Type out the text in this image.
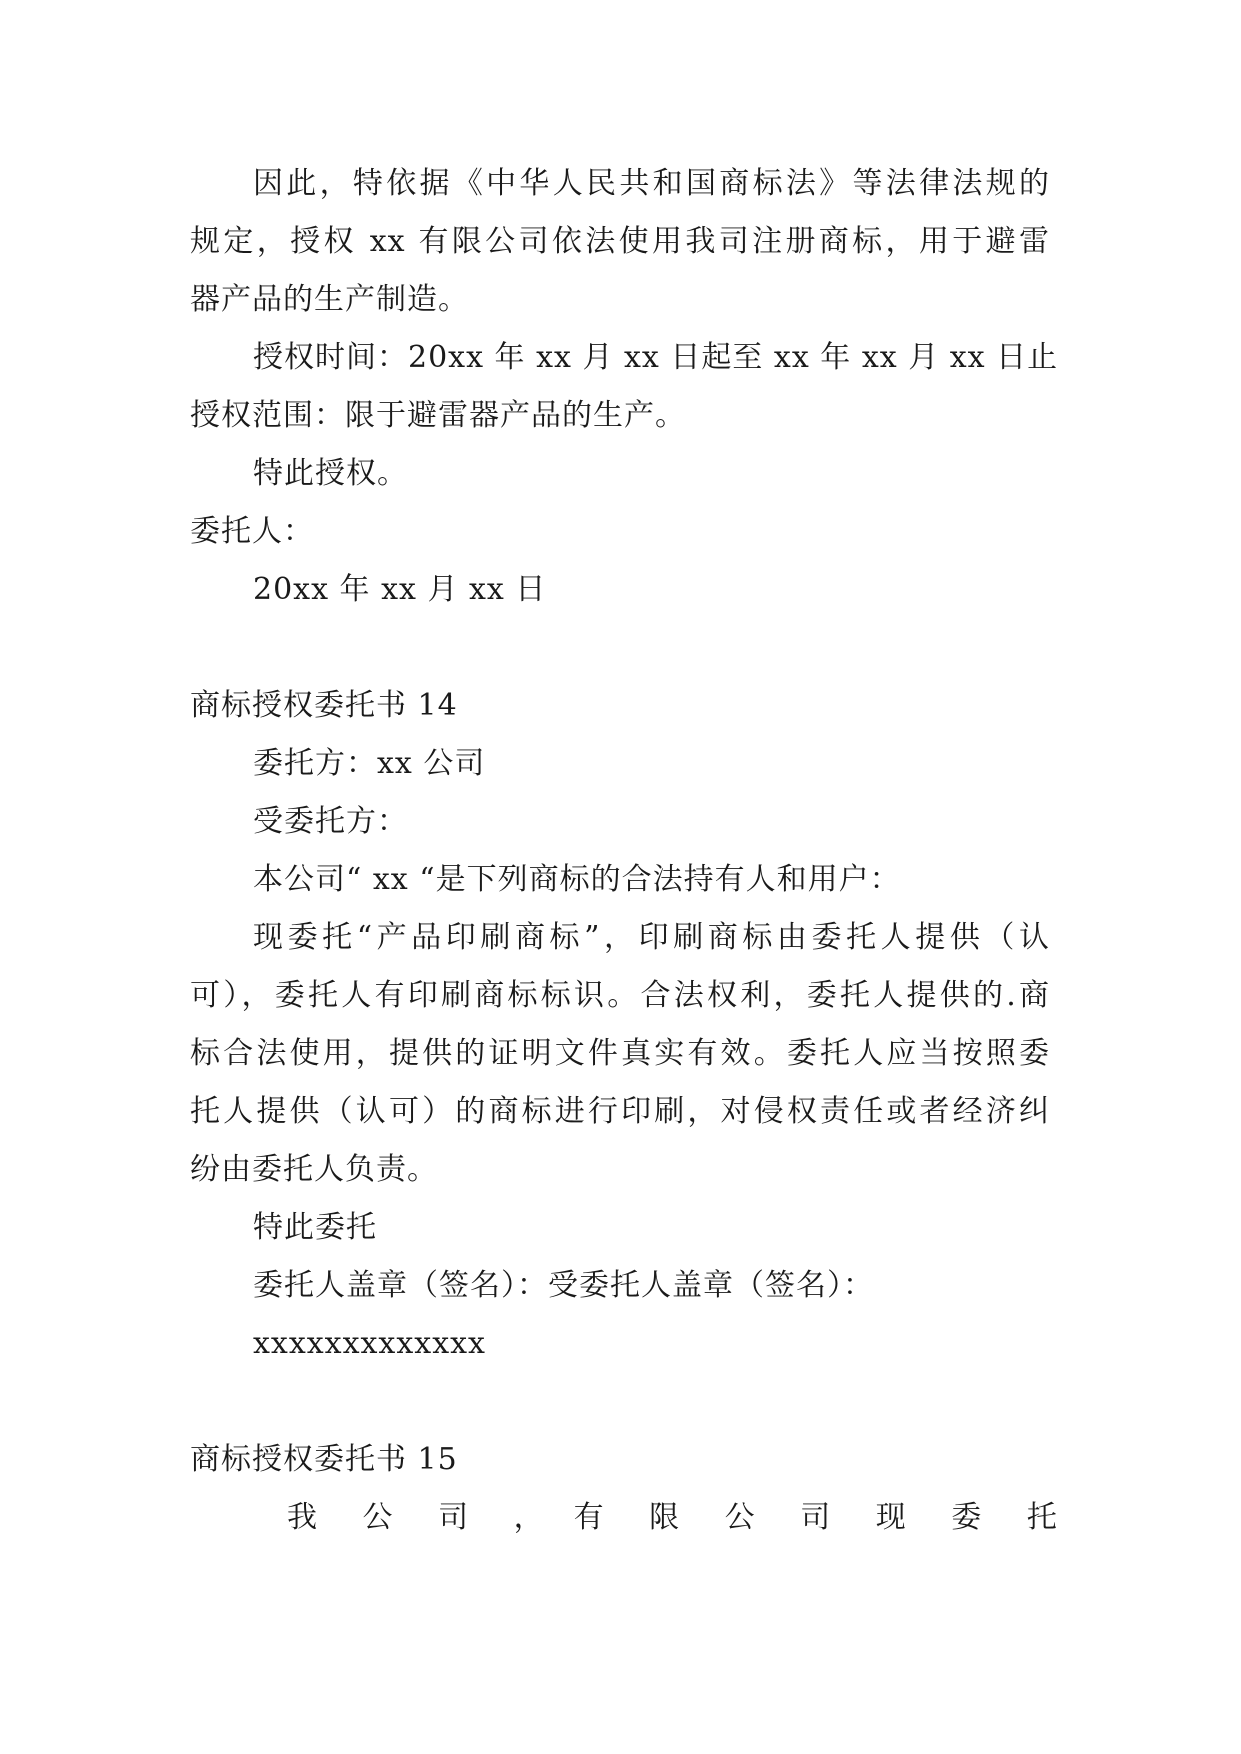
因此，特依据《中华人民共和国商标法》等法律法规的
规定，授权 xx 有限公司依法使用我司注册商标，用于避雷
器产品的生产制造。
授权时间：20xx 年 xx 月 xx 日起至 xx 年 xx 月 xx 日止
授权范围：限于避雷器产品的生产。
特此授权。
委托人：
20xx 年 xx 月 xx 日
商标授权委托书 14
委托方：xx 公司
受委托方：
本公司“ xx “是下列商标的合法持有人和用户：
现委托“产品印刷商标”，印刷商标由委托人提供（认
可），委托人有印刷商标标识。合法权利，委托人提供的.商
标合法使用，提供的证明文件真实有效。委托人应当按照委
托人提供（认可）的商标进行印刷，对侵权责任或者经济纠
纷由委托人负责。
特此委托
委托人盖章（签名）：受委托人盖章（签名）：
xxxxxxxxxxxxx
商标授权委托书 15
我 公 司 ， 有 限 公 司 现 委 托
